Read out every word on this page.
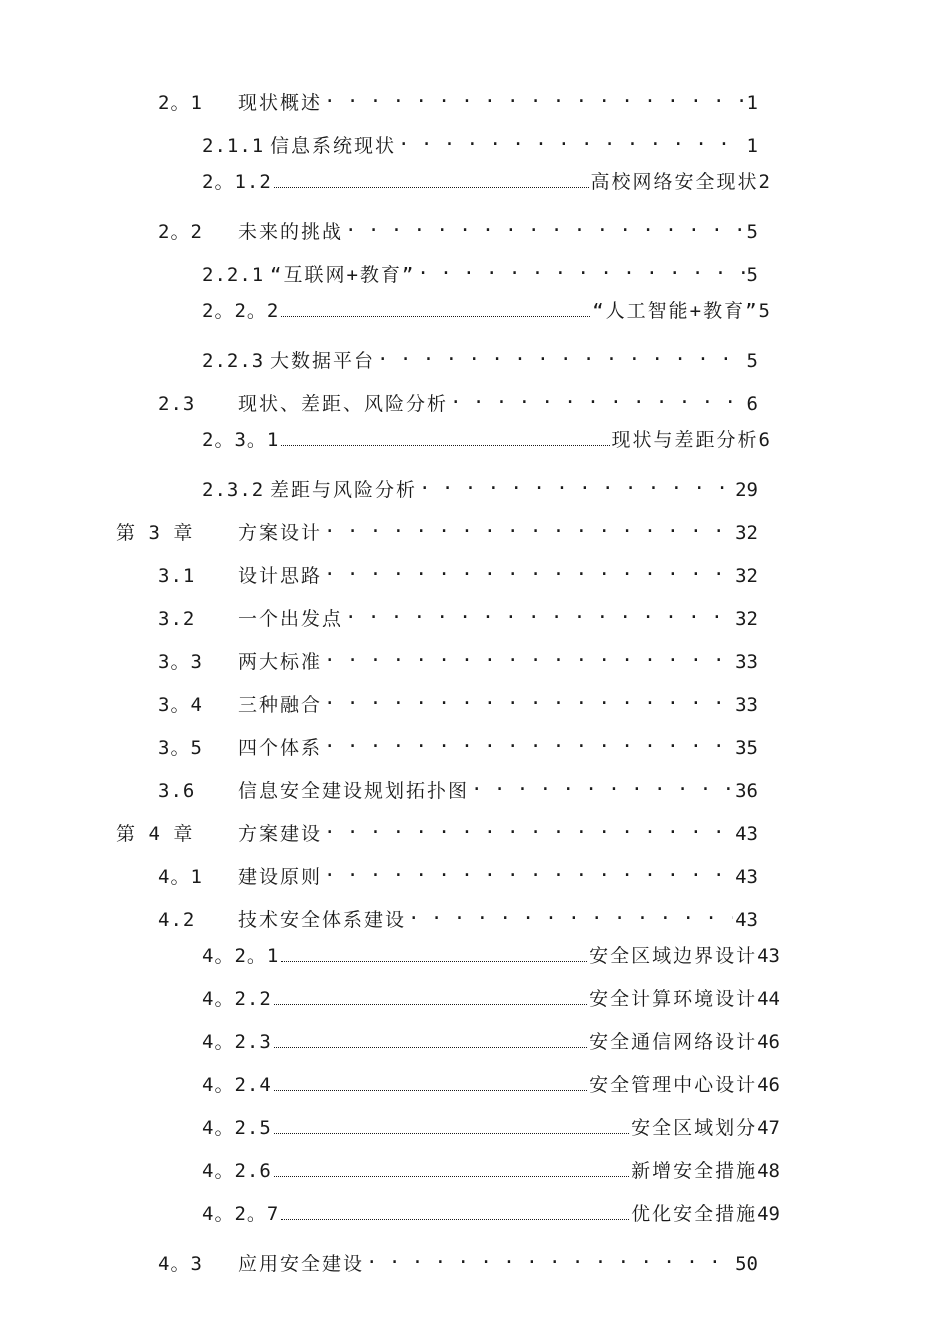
2。1	现状概述 . . .	1
2.1.1 信息系统现状 . . .	1
2。1.2	高校网络安全现状 2
2。2	未来的挑战 . . .	5
2.2.1 “互联网+教育” . . .	5
2。2。2	“人工智能+教育” 5
2.2.3 大数据平台 . . .	5
2.3	现状、差距、风险分析 . . .	6
2。3。1	现状与差距分析 6
2.3.2 差距与风险分析 . . .	29
第 3 章	方案设计 . . .	32
3.1	设计思路 . . .	32
3.2	一个出发点 . . .	32
3。3	两大标准 . . .	33
3。4	三种融合 . . .	33
3。5	四个体系 . . .	35
3.6	信息安全建设规划拓扑图 . . .	36
第 4 章	方案建设 . . .	43
4。1	建设原则 . . .	43
4.2	技术安全体系建设 . . .	43
4。2。1	安全区域边界设计 43
4。2.2	安全计算环境设计 44
4。2.3	安全通信网络设计 46
4。2.4	安全管理中心设计 46
4。2.5	安全区域划分 47
4。2.6	新增安全措施 48
4。2。7	优化安全措施 49
4。3	应用安全建设 . . .	50
